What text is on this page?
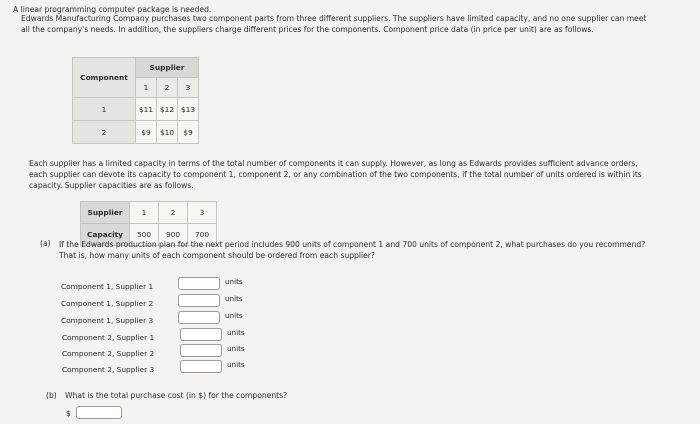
A linear programming computer package is needed.
Edwards Manufacturing Company purchases two component parts from three different suppliers. The suppliers have limited capacity, and no one supplier can meet
all the company's needs. In addition, the suppliers charge different prices for the components. Component price data (in price per unit) are as follows.
Component	Supplier		
	1	2	3
1	$11	$12	$13
2	$9	$10	$9
Each supplier has a limited capacity in terms of the total number of components it can supply. However, as long as Edwards provides sufficient advance orders,
each supplier can devote its capacity to component 1, component 2, or any combination of the two components, if the total number of units ordered is within its
capacity. Supplier capacities are as follows.
Supplier	1	2	3
Capacity	500	900	700
(a) If the Edwards production plan for the next period includes 900 units of component 1 and 700 units of component 2, what purchases do you recommend?
That is, how many units of each component should be ordered from each supplier?
Component 1, Supplier 1
units
Component 1, Supplier 2
units
Component 1, Supplier 3
units
Component 2, Supplier 1
units
Component 2, Supplier 2
units
Component 2, Supplier 3
units
(b) What is the total purchase cost (in $) for the components?
$
